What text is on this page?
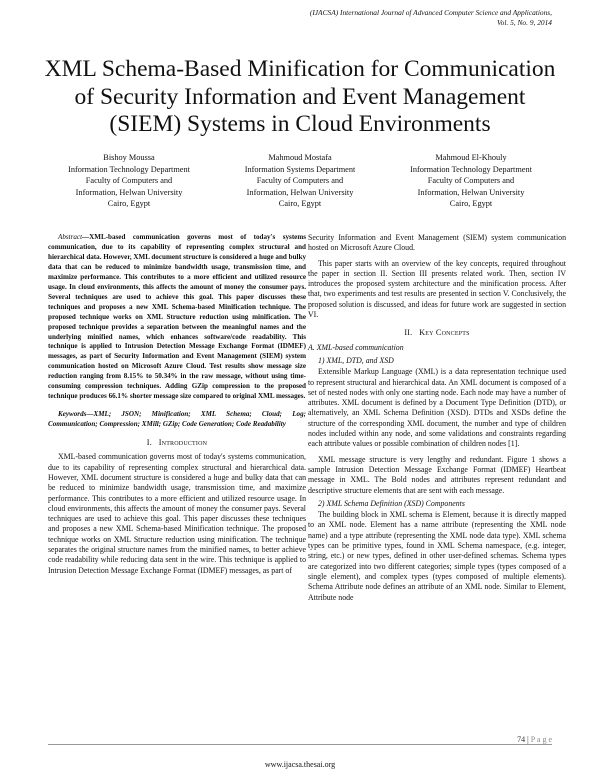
(IJACSA) International Journal of Advanced Computer Science and Applications,
Vol. 5, No. 9, 2014
XML Schema-Based Minification for Communication
of Security Information and Event Management
(SIEM) Systems in Cloud Environments
Bishoy Moussa
Information Technology Department
Faculty of Computers and
Information, Helwan University
Cairo, Egypt
Mahmoud Mostafa
Information Systems Department
Faculty of Computers and
Information, Helwan University
Cairo, Egypt
Mahmoud El-Khouly
Information Technology Department
Faculty of Computers and
Information, Helwan University
Cairo, Egypt

Abstract—XML-based communication governs most of today's systems communication, due to its capability of representing complex structural and hierarchical data. However, XML document structure is considered a huge and bulky data that can be reduced to minimize bandwidth usage, transmission time, and maximize performance. This contributes to a more efficient and utilized resource usage. In cloud environments, this affects the amount of money the consumer pays. Several techniques are used to achieve this goal. This paper discusses these techniques and proposes a new XML Schema-based Minification technique. The proposed technique works on XML Structure reduction using minification. The proposed technique provides a separation between the meaningful names and the underlying minified names, which enhances software/code readability. This technique is applied to Intrusion Detection Message Exchange Format (IDMEF) messages, as part of Security Information and Event Management (SIEM) system communication hosted on Microsoft Azure Cloud. Test results show message size reduction ranging from 8.15% to 50.34% in the raw message, without using time-consuming compression techniques. Adding GZip compression to the proposed technique produces 66.1% shorter message size compared to original XML messages.

Keywords—XML; JSON; Minification; XML Schema; Cloud; Log; Communication; Compression; XMill; GZip; Code Generation; Code Readability

I. Introduction

XML-based communication governs most of today's systems communication, due to its capability of representing complex structural and hierarchical data. However, XML document structure is considered a huge and bulky data that can be reduced to minimize bandwidth usage, transmission time, and maximize performance. This contributes to a more efficient and utilized resource usage. In cloud environments, this affects the amount of money the consumer pays. Several techniques are used to achieve this goal. This paper discusses these techniques and proposes a new XML Schema-based Minification technique. The proposed technique works on XML Structure reduction using minification. The technique separates the original structure names from the minified names, to better achieve code readability while reducing data sent in the wire. This technique is applied to Intrusion Detection Message Exchange Format (IDMEF) messages, as part of

Security Information and Event Management (SIEM) system communication hosted on Microsoft Azure Cloud.

This paper starts with an overview of the key concepts, required throughout the paper in section II. Section III presents related work. Then, section IV introduces the proposed system architecture and the minification process. After that, two experiments and test results are presented in section V. Conclusively, the proposed solution is discussed, and ideas for future work are suggested in section VI.

II. Key Concepts
A. XML-based communication
1) XML, DTD, and XSD

Extensible Markup Language (XML) is a data representation technique used to represent structural and hierarchical data. An XML document is composed of a set of nested nodes with only one starting node. Each node may have a number of attributes. XML document is defined by a Document Type Definition (DTD), or alternatively, an XML Schema Definition (XSD). DTDs and XSDs define the structure of the corresponding XML document, the number and type of children nodes included within any node, and some validations and constraints regarding each attribute values or possible combination of children nodes [1].

XML message structure is very lengthy and redundant. Figure 1 shows a sample Intrusion Detection Message Exchange Format (IDMEF) Heartbeat message in XML. The Bold nodes and attributes represent redundant and descriptive structure elements that are sent with each message.

2) XML Schema Definition (XSD) Components

The building block in XML schema is Element, because it is directly mapped to an XML node. Element has a name attribute (representing the XML node name) and a type attribute (representing the XML node data type). XML schema types can be primitive types, found in XML Schema namespace, (e.g. integer, string, etc.) or new types, defined in other user-defined schemas. Schema types are categorized into two different categories; simple types (types composed of a single element), and complex types (types composed of multiple elements). Schema Attribute node defines an attribute of an XML node. Similar to Element, Attribute node

74 | P a g e
www.ijacsa.thesai.org
